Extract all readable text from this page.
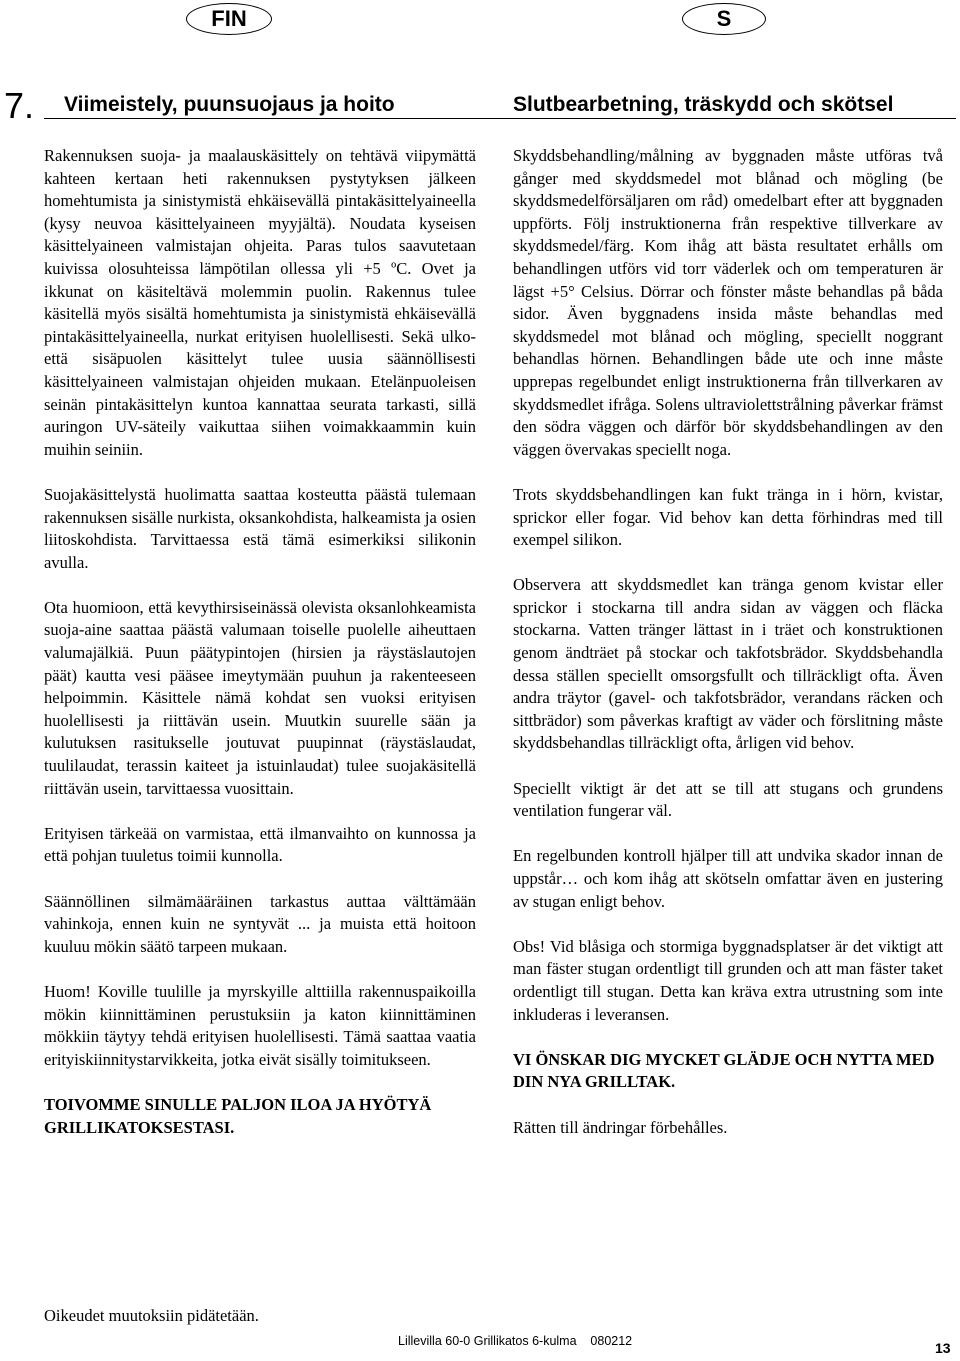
FIN	S
7. Viimeistely, puunsuojaus ja hoito	Slutbearbetning, träskydd och skötsel

Rakennuksen suoja- ja maalauskäsittely on tehtävä viipymättä kahteen kertaan heti rakennuksen pystytyksen jälkeen homehtumista ja sinistymistä ehkäisevällä pintakäsittelyaineella (kysy neuvoa käsittelyaineen myyjältä). Noudata kyseisen käsittelyaineen valmistajan ohjeita. Paras tulos saavutetaan kuivissa olosuhteissa lämpötilan ollessa yli +5 ºC. Ovet ja ikkunat on käsiteltävä molemmin puolin. Rakennus tulee käsitellä myös sisältä homehtumista ja sinistymistä ehkäisevällä pintakäsittelyaineella, nurkat erityisen huolellisesti. Sekä ulko- että sisäpuolen käsittelyt tulee uusia säännöllisesti käsittelyaineen valmistajan ohjeiden mukaan. Etelänpuoleisen seinän pintakäsittelyn kuntoa kannattaa seurata tarkasti, sillä auringon UV-säteily vaikuttaa siihen voimakkaammin kuin muihin seiniin.

Suojakäsittelystä huolimatta saattaa kosteutta päästä tulemaan rakennuksen sisälle nurkista, oksankohdista, halkeamista ja osien liitoskohdista. Tarvittaessa estä tämä esimerkiksi silikonin avulla.

Ota huomioon, että kevythirsiseinässä olevista oksanlohkeamista suoja-aine saattaa päästä valumaan toiselle puolelle aiheuttaen valumajälkiä. Puun päätypintojen (hirsien ja räystäslautojen päät) kautta vesi pääsee imeytymään puuhun ja rakenteeseen helpoimmin. Käsittele nämä kohdat sen vuoksi erityisen huolellisesti ja riittävän usein. Muutkin suurelle sään ja kulutuksen rasitukselle joutuvat puupinnat (räystäslaudat, tuulilaudat, terassin kaiteet ja istuinlaudat) tulee suojakäsitellä riittävän usein, tarvittaessa vuosittain.

Erityisen tärkeää on varmistaa, että ilmanvaihto on kunnossa ja että pohjan tuuletus toimii kunnolla.

Säännöllinen silmämääräinen tarkastus auttaa välttämään vahinkoja, ennen kuin ne syntyvät ... ja muista että hoitoon kuuluu mökin säätö tarpeen mukaan.

Huom! Koville tuulille ja myrskyille alttiilla rakennuspaikoilla mökin kiinnittäminen perustuksiin ja katon kiinnittäminen mökkiin täytyy tehdä erityisen huolellisesti. Tämä saattaa vaatia erityiskiinnitystarvikkeita, jotka eivät sisälly toimitukseen.

TOIVOMME SINULLE PALJON ILOA JA HYÖTYÄ GRILLIKATOKSESTASI.

Skyddsbehandling/målning av byggnaden måste utföras två gånger med skyddsmedel mot blånad och mögling (be skyddsmedelförsäljaren om råd) omedelbart efter att byggnaden uppförts. Följ instruktionerna från respektive tillverkare av skyddsmedel/färg. Kom ihåg att bästa resultatet erhålls om behandlingen utförs vid torr väderlek och om temperaturen är lägst +5° Celsius. Dörrar och fönster måste behandlas på båda sidor. Även byggnadens insida måste behandlas med skyddsmedel mot blånad och mögling, speciellt noggrant behandlas hörnen. Behandlingen både ute och inne måste upprepas regelbundet enligt instruktionerna från tillverkaren av skyddsmedlet ifråga. Solens ultraviolettstrålning påverkar främst den södra väggen och därför bör skyddsbehandlingen av den väggen övervakas speciellt noga.

Trots skyddsbehandlingen kan fukt tränga in i hörn, kvistar, sprickor eller fogar. Vid behov kan detta förhindras med till exempel silikon.

Observera att skyddsmedlet kan tränga genom kvistar eller sprickor i stockarna till andra sidan av väggen och fläcka stockarna. Vatten tränger lättast in i träet och konstruktionen genom ändträet på stockar och takfotsbrädor. Skyddsbehandla dessa ställen speciellt omsorgsfullt och tillräckligt ofta. Även andra träytor (gavel- och takfotsbrädor, verandans räcken och sittbrädor) som påverkas kraftigt av väder och förslitning måste skyddsbehandlas tillräckligt ofta, årligen vid behov.

Speciellt viktigt är det att se till att stugans och grundens ventilation fungerar väl.

En regelbunden kontroll hjälper till att undvika skador innan de uppstår… och kom ihåg att skötseln omfattar även en justering av stugan enligt behov.

Obs! Vid blåsiga och stormiga byggnadsplatser är det viktigt att man fäster stugan ordentligt till grunden och att man fäster taket ordentligt till stugan. Detta kan kräva extra utrustning som inte inkluderas i leveransen.

VI ÖNSKAR DIG MYCKET GLÄDJE OCH NYTTA MED DIN NYA GRILLTAK.

Rätten till ändringar förbehålles.

Oikeudet muutoksiin pidätetään.
Lillevilla 60-0 Grillikatos 6-kulma    080212	13
